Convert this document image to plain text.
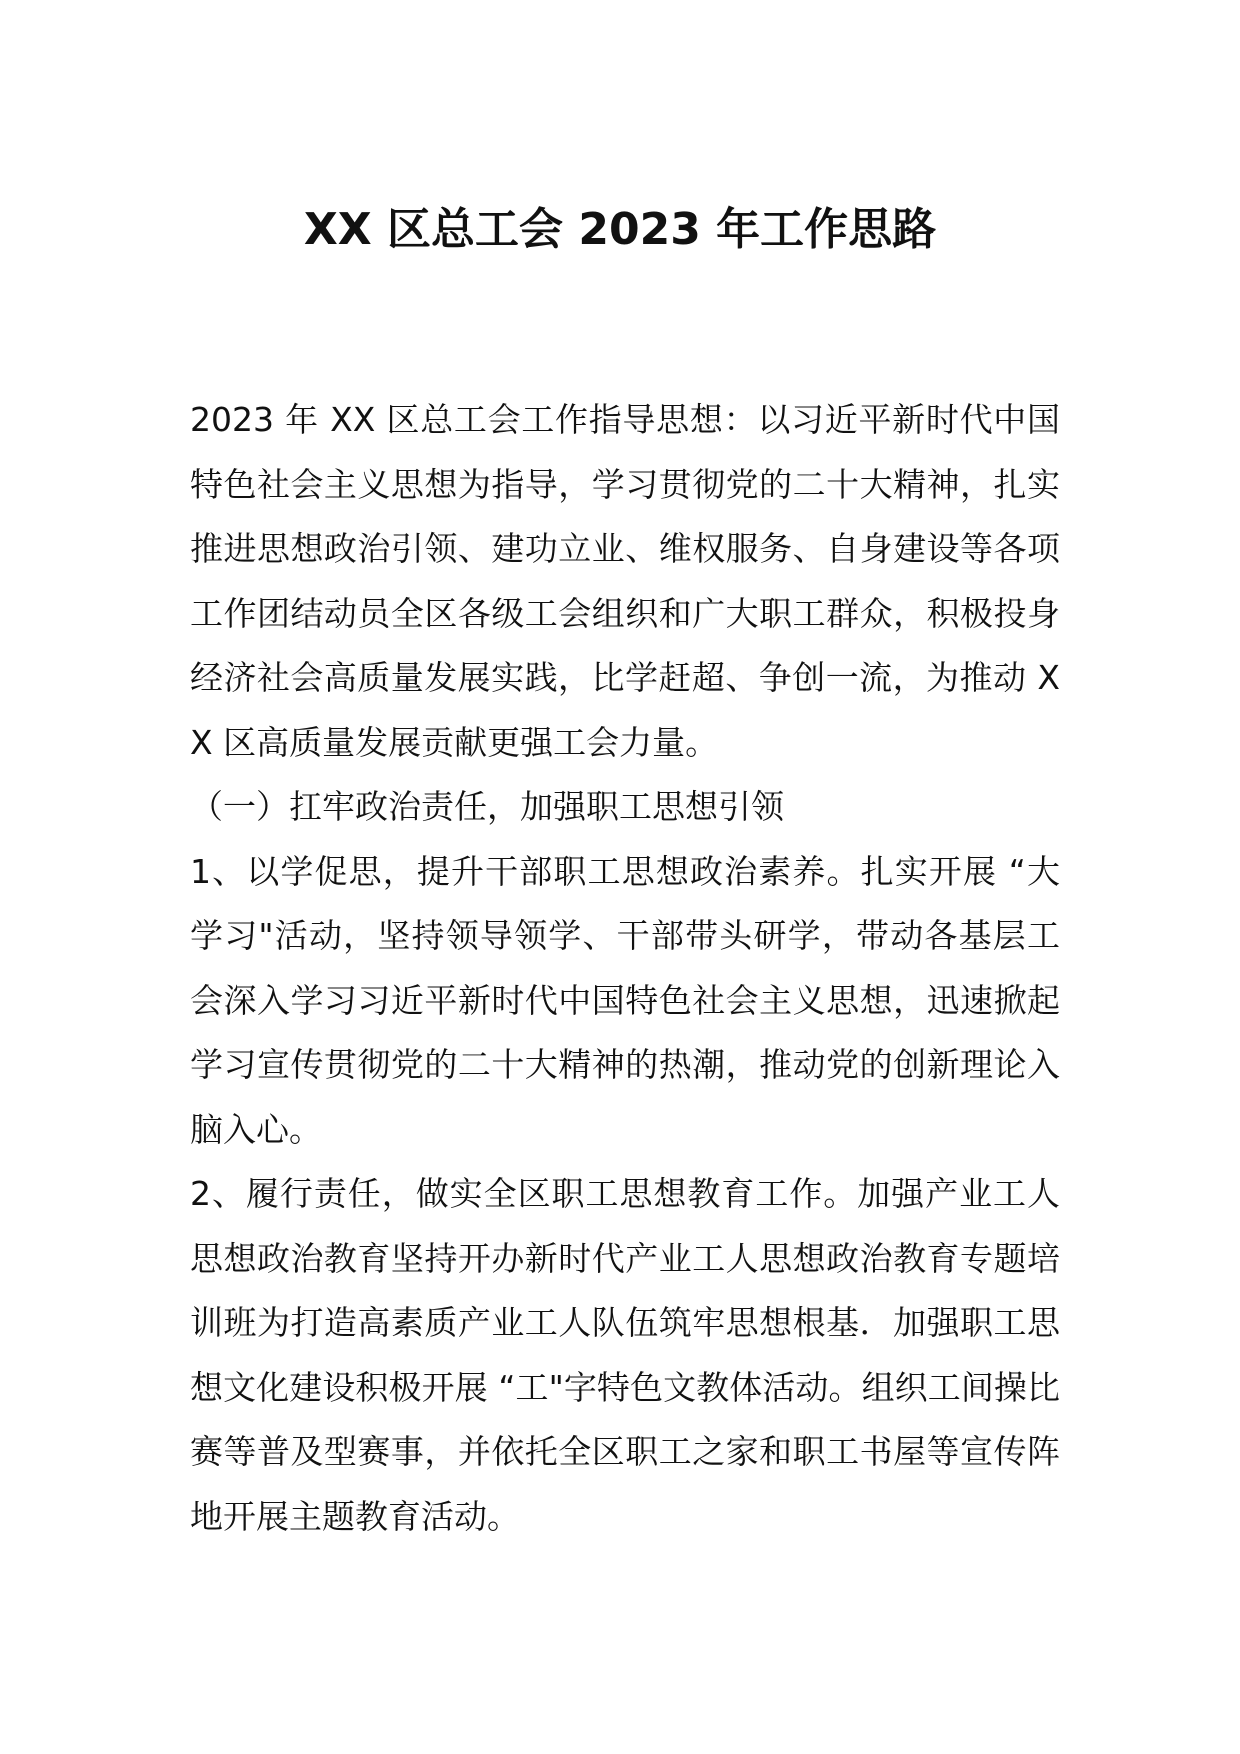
XX 区总工会 2023 年工作思路

2023 年 XX 区总工会工作指导思想：以习近平新时代中国特色社会主义思想为指导，学习贯彻党的二十大精神，扎实推进思想政治引领、建功立业、维权服务、自身建设等各项工作团结动员全区各级工会组织和广大职工群众，积极投身经济社会高质量发展实践，比学赶超、争创一流，为推动 XX 区高质量发展贡献更强工会力量。

（一）扛牢政治责任，加强职工思想引领

1、以学促思，提升干部职工思想政治素养。扎实开展 “大学习"活动，坚持领导领学、干部带头研学，带动各基层工会深入学习习近平新时代中国特色社会主义思想，迅速掀起学习宣传贯彻党的二十大精神的热潮，推动党的创新理论入脑入心。

2、履行责任，做实全区职工思想教育工作。加强产业工人思想政治教育坚持开办新时代产业工人思想政治教育专题培训班为打造高素质产业工人队伍筑牢思想根基．加强职工思想文化建设积极开展 “工"字特色文教体活动。组织工间操比赛等普及型赛事，并依托全区职工之家和职工书屋等宣传阵地开展主题教育活动。
